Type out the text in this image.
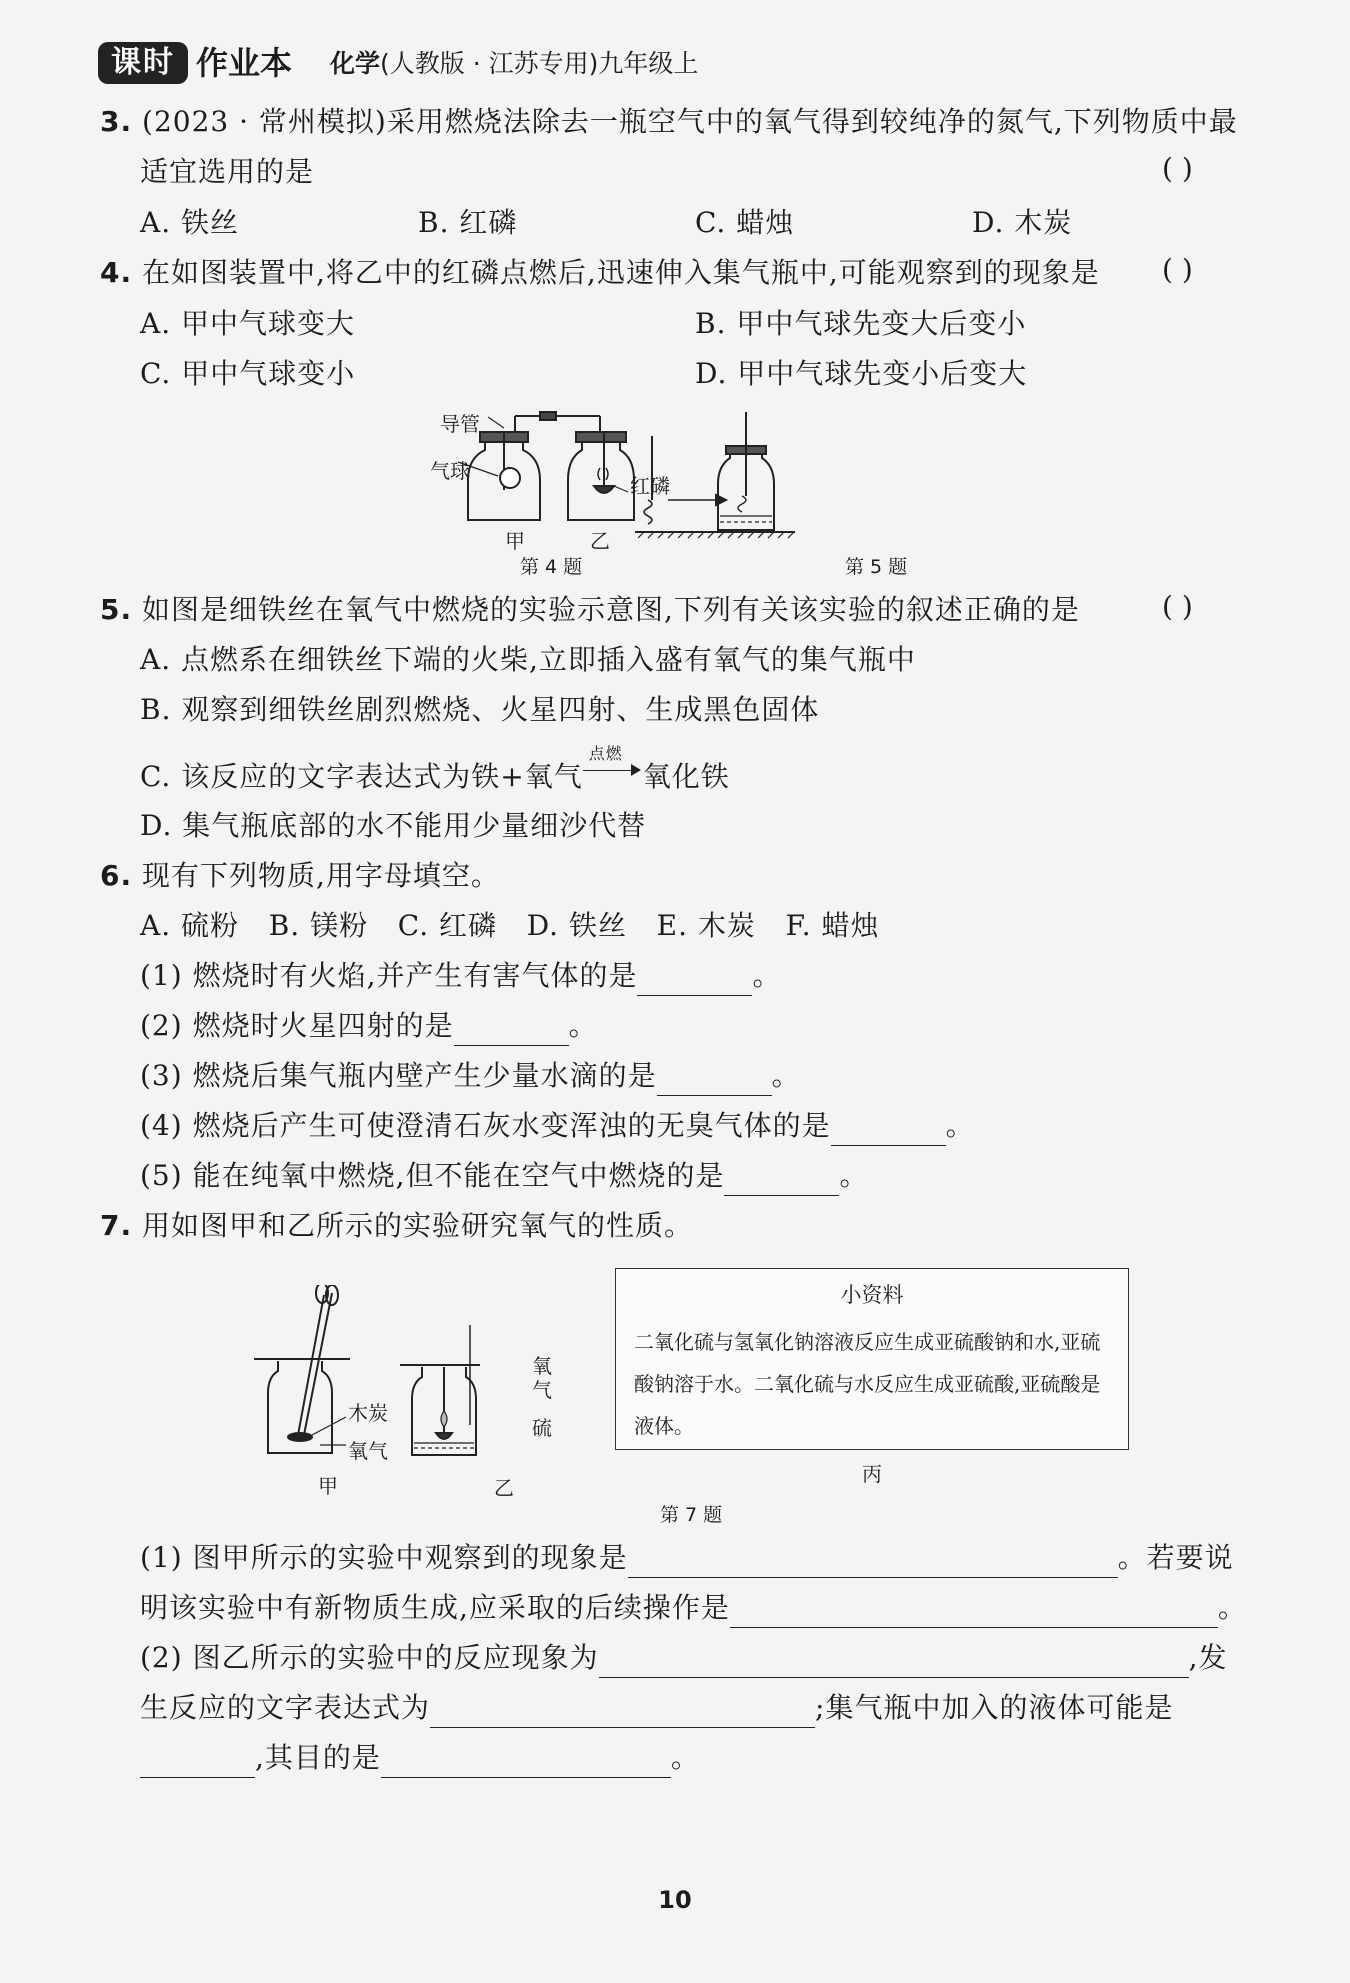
课时 作业本 化学(人教版 · 江苏专用)九年级上
3. (2023 · 常州模拟)采用燃烧法除去一瓶空气中的氧气得到较纯净的氮气,下列物质中最
适宜选用的是	( )
A. 铁丝	B. 红磷	C. 蜡烛	D. 木炭
4. 在如图装置中,将乙中的红磷点燃后,迅速伸入集气瓶中,可能观察到的现象是 ( )
A. 甲中气球变大	B. 甲中气球先变大后变小
C. 甲中气球变小	D. 甲中气球先变小后变大
导管
气球
红磷
甲	乙
第 4 题	第 5 题
5. 如图是细铁丝在氧气中燃烧的实验示意图,下列有关该实验的叙述正确的是	( )
A. 点燃系在细铁丝下端的火柴,立即插入盛有氧气的集气瓶中
B. 观察到细铁丝剧烈燃烧、火星四射、生成黑色固体
C. 该反应的文字表达式为铁+氧气
点燃
氧化铁
D. 集气瓶底部的水不能用少量细沙代替
6. 现有下列物质,用字母填空。
A. 硫粉   B. 镁粉   C. 红磷   D. 铁丝   E. 木炭   F. 蜡烛
(1) 燃烧时有火焰,并产生有害气体的是	。
(2) 燃烧时火星四射的是	。
(3) 燃烧后集气瓶内壁产生少量水滴的是	。
(4) 燃烧后产生可使澄清石灰水变浑浊的无臭气体的是	。
(5) 能在纯氧中燃烧,但不能在空气中燃烧的是	。
7. 用如图甲和乙所示的实验研究氧气的性质。
木炭
氧气
氧
气
硫
甲	乙
小资料
二氧化硫与氢氧化钠溶液反应生成亚硫酸钠和水,亚硫酸钠溶于水。二氧化硫与水反应生成亚硫酸,亚硫酸是液体。
丙
第 7 题
(1) 图甲所示的实验中观察到的现象是	。若要说
明该实验中有新物质生成,应采取的后续操作是	。
(2) 图乙所示的实验中的反应现象为	,发
生反应的文字表达式为	;集气瓶中加入的液体可能是
,其目的是	。
10
